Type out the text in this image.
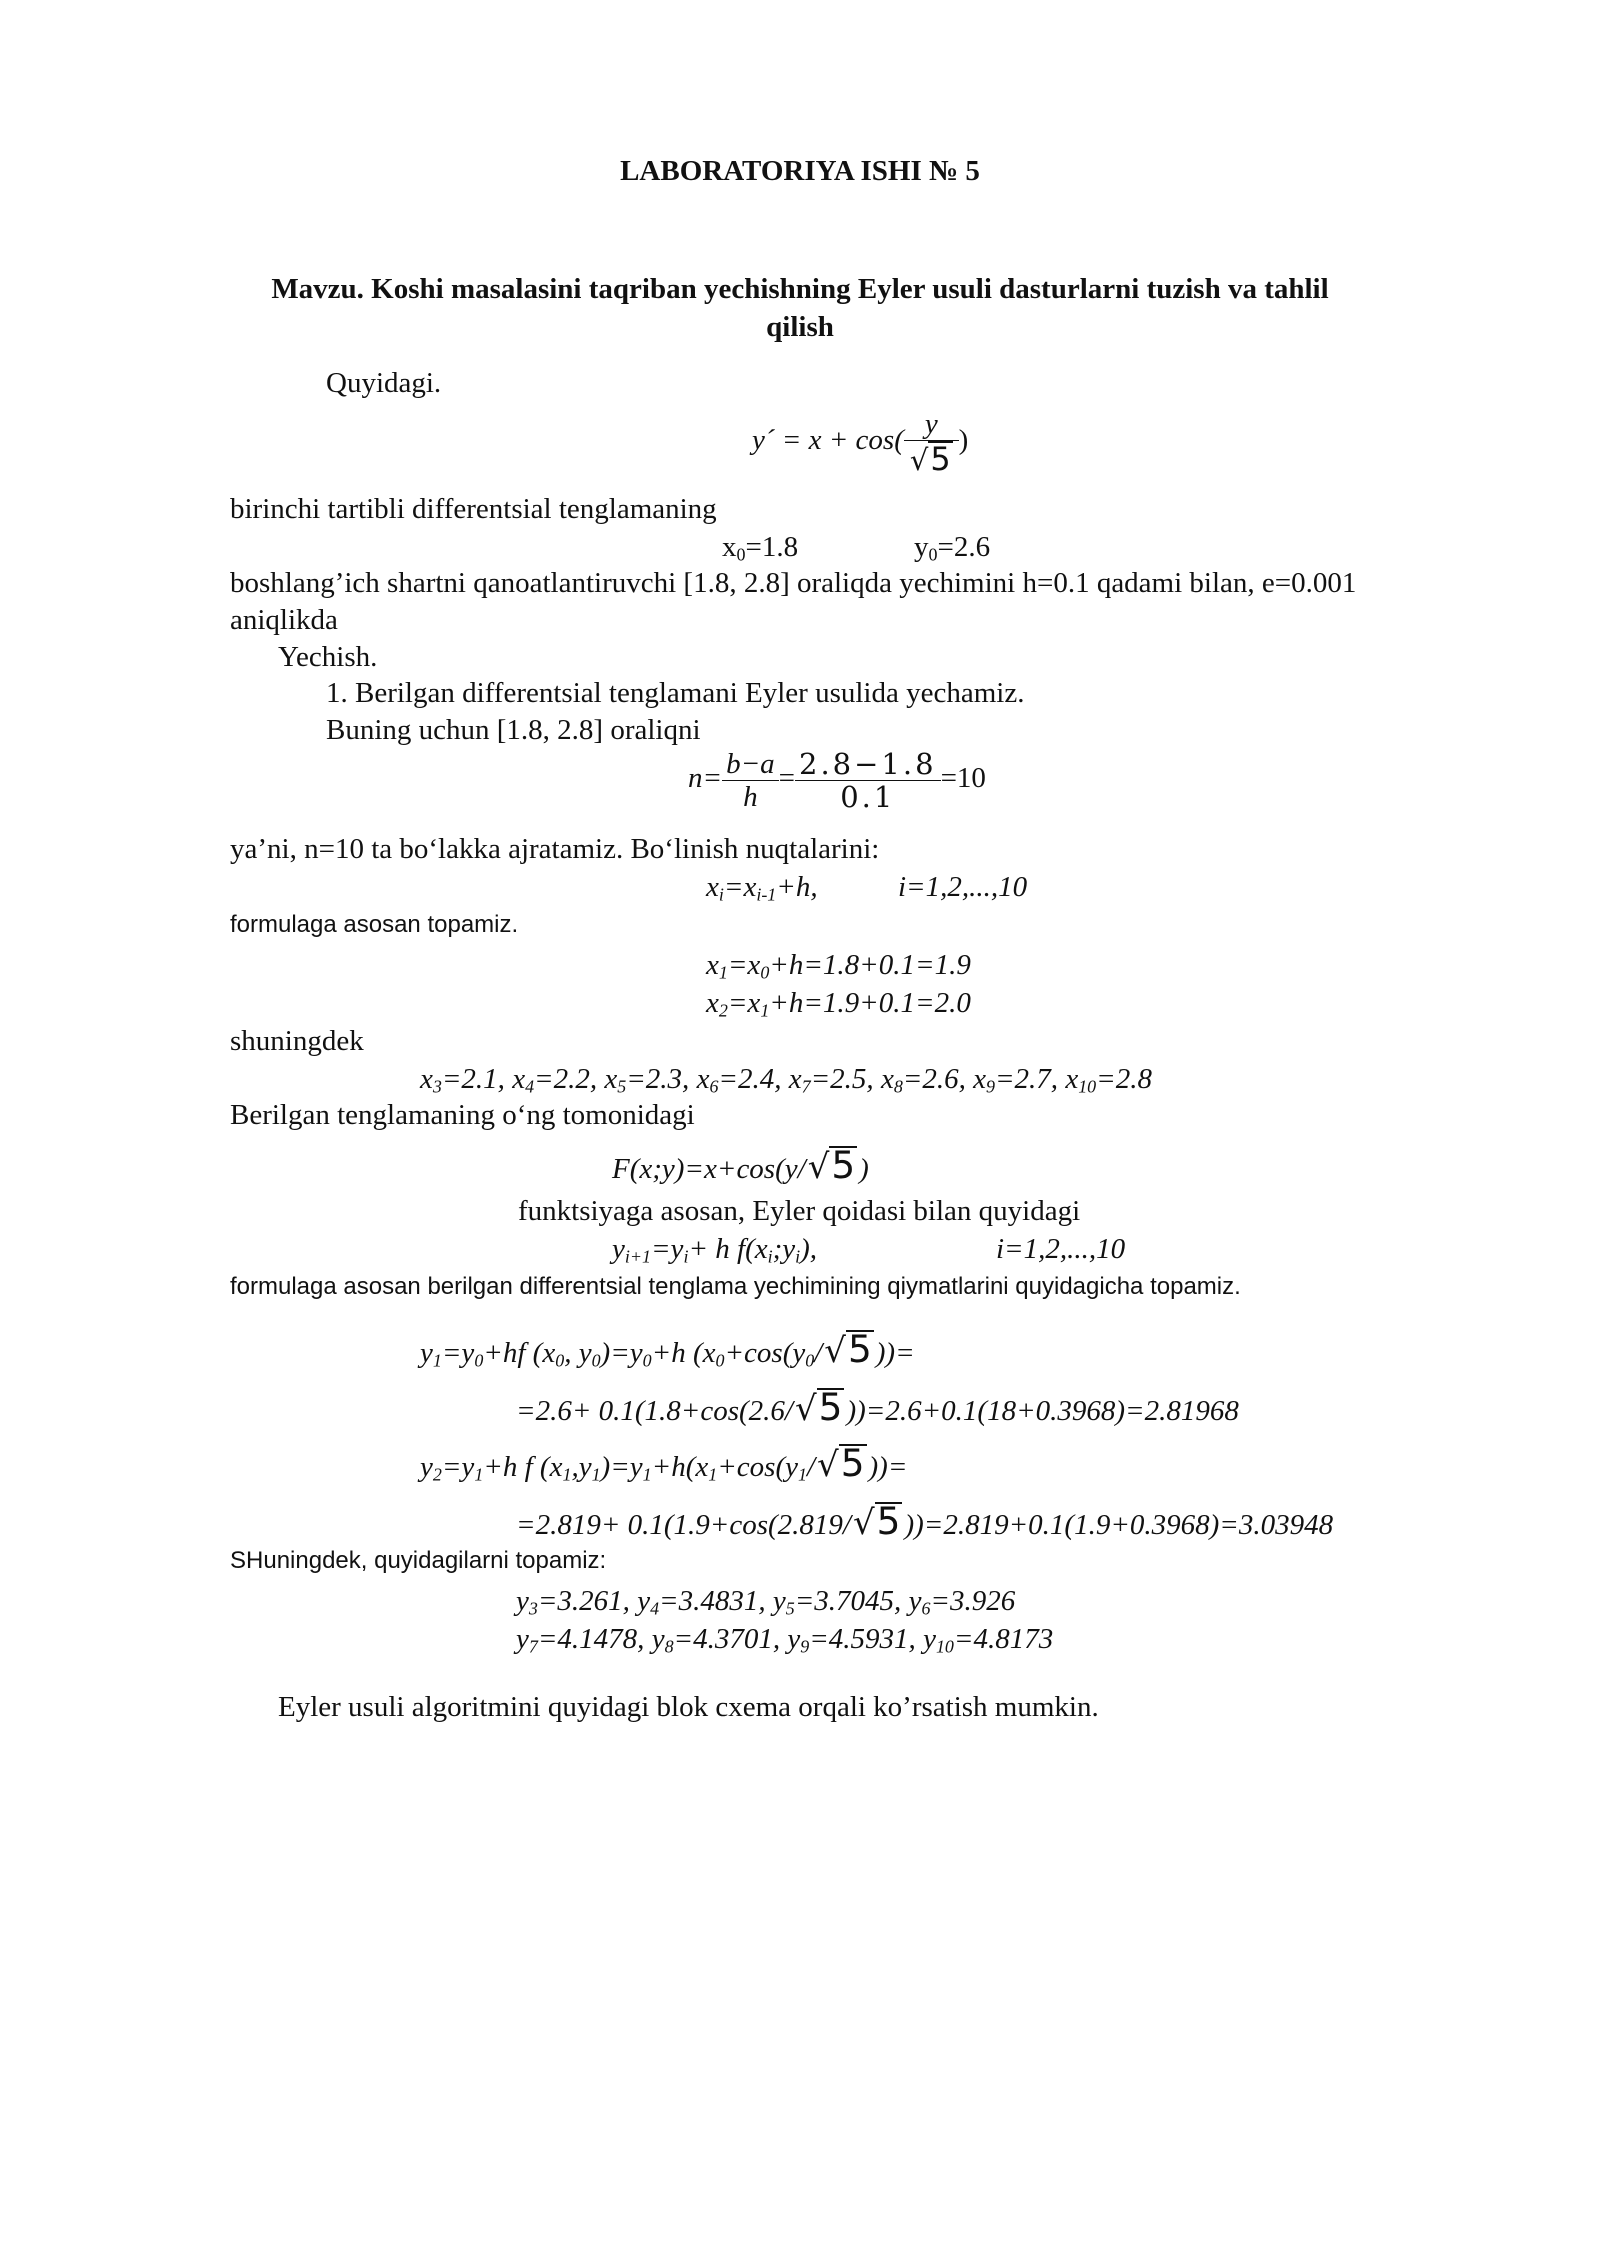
LABORATORIYA ISHI № 5
Mavzu. Koshi masalasini taqriban yechishning Eyler usuli dasturlarni tuzish va tahlil
qilish
Quyidagi.
y´ = $x + \cos( \frac{y}{√5}$ )
birinchi tartibli differentsial tenglamaning
$x_0=1.8$	$y_0=2.6$
boshlang’ich shartni qanoatlantiruvchi [1.8, 2.8] oraliqda yechimini h=0.1 qadami bilan, e=0.001
aniqlikda
Yechish.
1. Berilgan differentsial tenglamani Eyler usulida yechamiz.
Buning uchun [1.8, 2.8] oraliqni
$n= \frac{b-a}{h} = \frac{2.8-1.8}{0.1} =10$
ya’ni, n=10 ta bo‘lakka ajratamiz. Bo‘linish nuqtalarini:
$x_i=x_{i-1}+h$,	i=1,2,...,10
formulaga asosan topamiz.
$x_1=x_0+h=1.8+0.1=1.9$
$x_2=x_1+h=1.9+0.1=2.0$
shuningdek
$x_3=2.1$, $x_4=2.2$, $x_5=2.3$, $x_6=2.4$, $x_7=2.5$, $x_8=2.6$, $x_9=2.7$, $x_{10}=2.8$
Berilgan tenglamaning o‘ng tomonidagi
F(x;y)=x+cos(y/√5 )
funktsiyaga asosan, Eyler qoidasi bilan quyidagi
$y_{i+1}=y_i+ h$ $f(x_i;y_i)$,	i=1,2,...,10
formulaga asosan berilgan differentsial tenglama yechimining qiymatlarini quyidagicha topamiz.
$y_1=y_0+hf$ ($x_0$, $y_0)=y_0+h$ ($x_0+\cos(y_0/√5$ ))=
=2.6+ 0.1(1.8+cos(2.6/√5 ))=2.6+0.1(18+0.3968)=2.81968
$y_2=y_1+h$ f $(x_1,y_1)=y_1+h(x_1+\cos(y_1/√5$ ))=
=2.819+ 0.1(1.9+cos(2.819/√5 ))=2.819+0.1(1.9+0.3968)=3.03948
SHuningdek, quyidagilarni topamiz:
$y_3=3.261$, $y_4=3.4831$, $y_5=3.7045$, $y_6=3.926$
$y_7=4.1478$, $y_8=4.3701$, $y_9=4.5931$, $y_{10}=4.8173$
Eyler usuli algoritmini quyidagi blok cxema orqali ko’rsatish mumkin.
